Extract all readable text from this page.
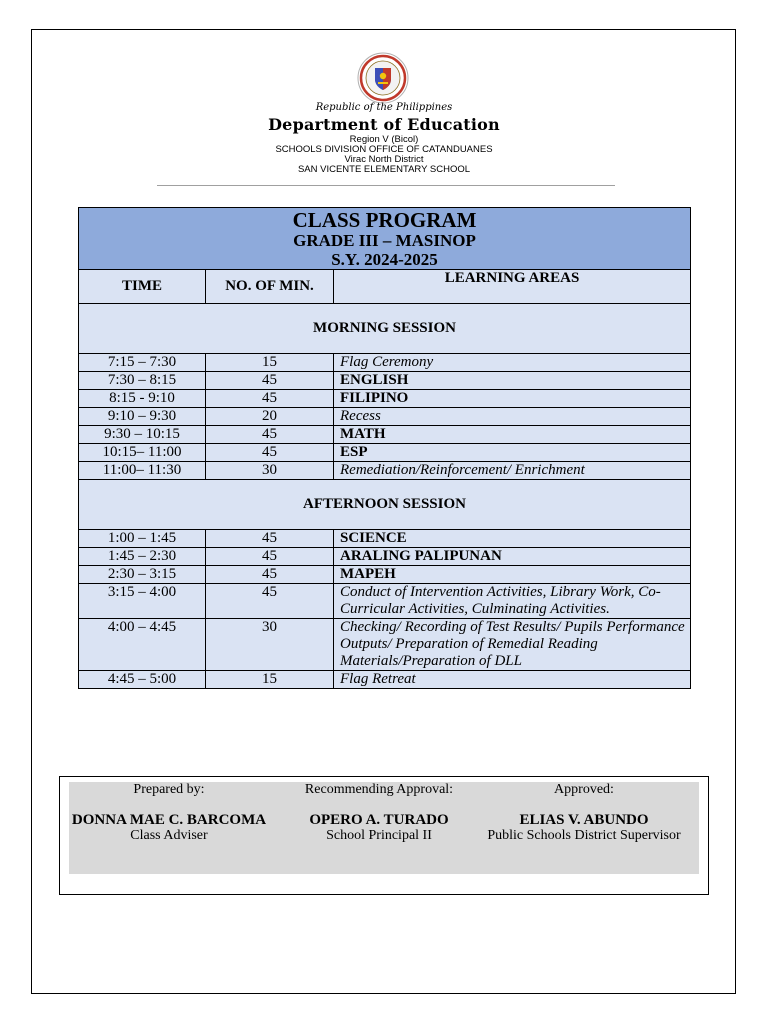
Republic of the Philippines
Department of Education
Region V (Bicol)
SCHOOLS DIVISION OFFICE OF CATANDUANES
Virac North District
SAN VICENTE ELEMENTARY SCHOOL
CLASS PROGRAM
GRADE III – MASINOP
S.Y. 2024-2025		

TIME	NO. OF MIN.	LEARNING AREAS
MORNING SESSION		
7:15 – 7:30	15	Flag Ceremony
7:30 – 8:15	45	ENGLISH
8:15 - 9:10	45	FILIPINO
9:10 – 9:30	20	Recess
9:30 – 10:15	45	MATH
10:15– 11:00	45	ESP
11:00– 11:30	30	Remediation/Reinforcement/ Enrichment
AFTERNOON SESSION		
1:00 – 1:45	45	SCIENCE
1:45 – 2:30	45	ARALING PALIPUNAN
2:30 – 3:15	45	MAPEH
3:15 – 4:00	45	Conduct of Intervention Activities, Library Work, Co-Curricular Activities, Culminating Activities.
4:00 – 4:45	30	Checking/ Recording of Test Results/ Pupils Performance Outputs/ Preparation of Remedial Reading Materials/Preparation of DLL
4:45 – 5:00	15	Flag Retreat
Prepared by:
DONNA MAE C. BARCOMA
Class Adviser
Recommending Approval:
OPERO A. TURADO
School Principal II
Approved:
ELIAS V. ABUNDO
Public Schools District Supervisor
